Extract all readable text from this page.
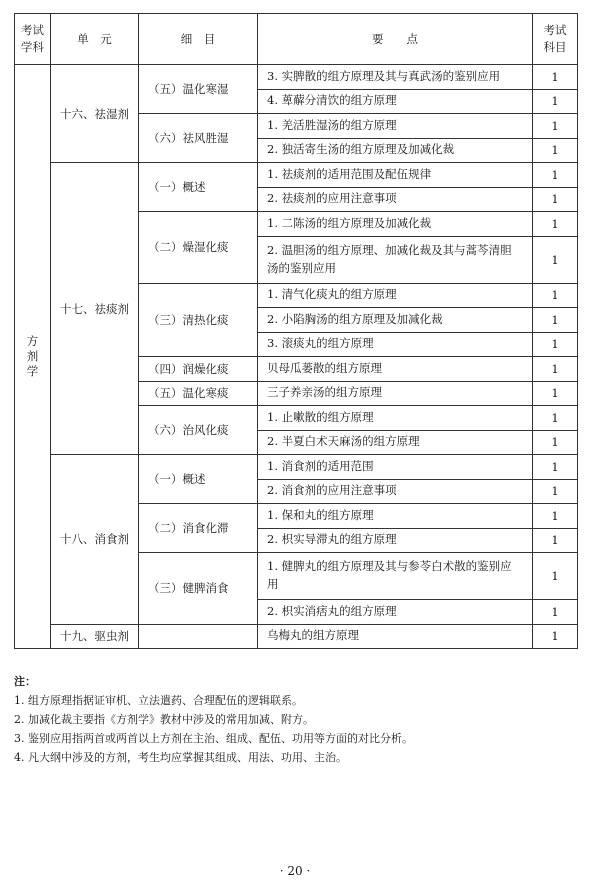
考试
学科	单　元	细　目	要　　点	考试
科目
方
剂
学	十六、祛湿剂	（五）温化寒湿	3. 实脾散的组方原理及其与真武汤的鉴别应用	1
			4. 萆薢分清饮的组方原理	1
		（六）祛风胜湿	1. 羌活胜湿汤的组方原理	1
			2. 独活寄生汤的组方原理及加减化裁	1
	十七、祛痰剂	（一）概述	1. 祛痰剂的适用范围及配伍规律	1
			2. 祛痰剂的应用注意事项	1
		（二）燥湿化痰	1. 二陈汤的组方原理及加减化裁	1
			2. 温胆汤的组方原理、加减化裁及其与蒿芩清胆汤的鉴别应用	1
		（三）清热化痰	1. 清气化痰丸的组方原理	1
			2. 小陷胸汤的组方原理及加减化裁	1
			3. 滚痰丸的组方原理	1
		（四）润燥化痰	贝母瓜蒌散的组方原理	1
		（五）温化寒痰	三子养亲汤的组方原理	1
		（六）治风化痰	1. 止嗽散的组方原理	1
			2. 半夏白术天麻汤的组方原理	1
	十八、消食剂	（一）概述	1. 消食剂的适用范围	1
			2. 消食剂的应用注意事项	1
		（二）消食化滞	1. 保和丸的组方原理	1
			2. 枳实导滞丸的组方原理	1
		（三）健脾消食	1. 健脾丸的组方原理及其与参苓白术散的鉴别应用	1
			2. 枳实消痞丸的组方原理	1
	十九、驱虫剂		乌梅丸的组方原理	1
注：
1. 组方原理指据证审机、立法遣药、合理配伍的逻辑联系。
2. 加减化裁主要指《方剂学》教材中涉及的常用加减、附方。
3. 鉴别应用指两首或两首以上方剂在主治、组成、配伍、功用等方面的对比分析。
4. 凡大纲中涉及的方剂，考生均应掌握其组成、用法、功用、主治。
· 20 ·
